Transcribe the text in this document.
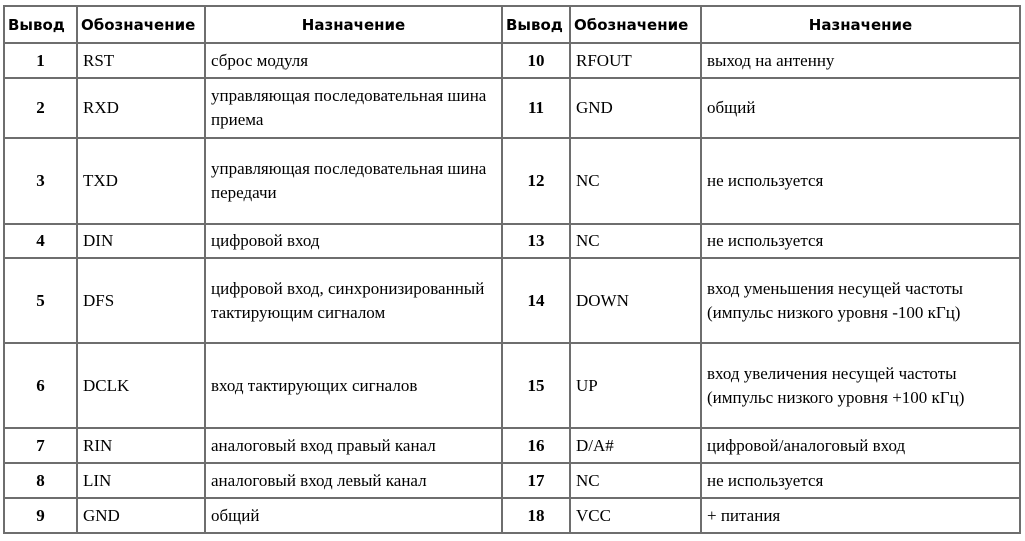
Вывод	Обозначение	Назначение	Вывод	Обозначение	Назначение
1	RST	сброс модуля	10	RFOUT	выход на антенну
2	RXD	управляющая последовательная шина приема	11	GND	общий
3	TXD	управляющая последовательная шина передачи	12	NC	не используется
4	DIN	цифровой вход	13	NC	не используется
5	DFS	цифровой вход, синхронизированный тактирующим сигналом	14	DOWN	вход уменьшения несущей частоты (импульс низкого уровня -100 кГц)
6	DCLK	вход тактирующих сигналов	15	UP	вход увеличения несущей частоты (импульс низкого уровня +100 кГц)
7	RIN	аналоговый вход правый канал	16	D/A#	цифровой/аналоговый вход
8	LIN	аналоговый вход левый канал	17	NC	не используется
9	GND	общий	18	VCC	+ питания
